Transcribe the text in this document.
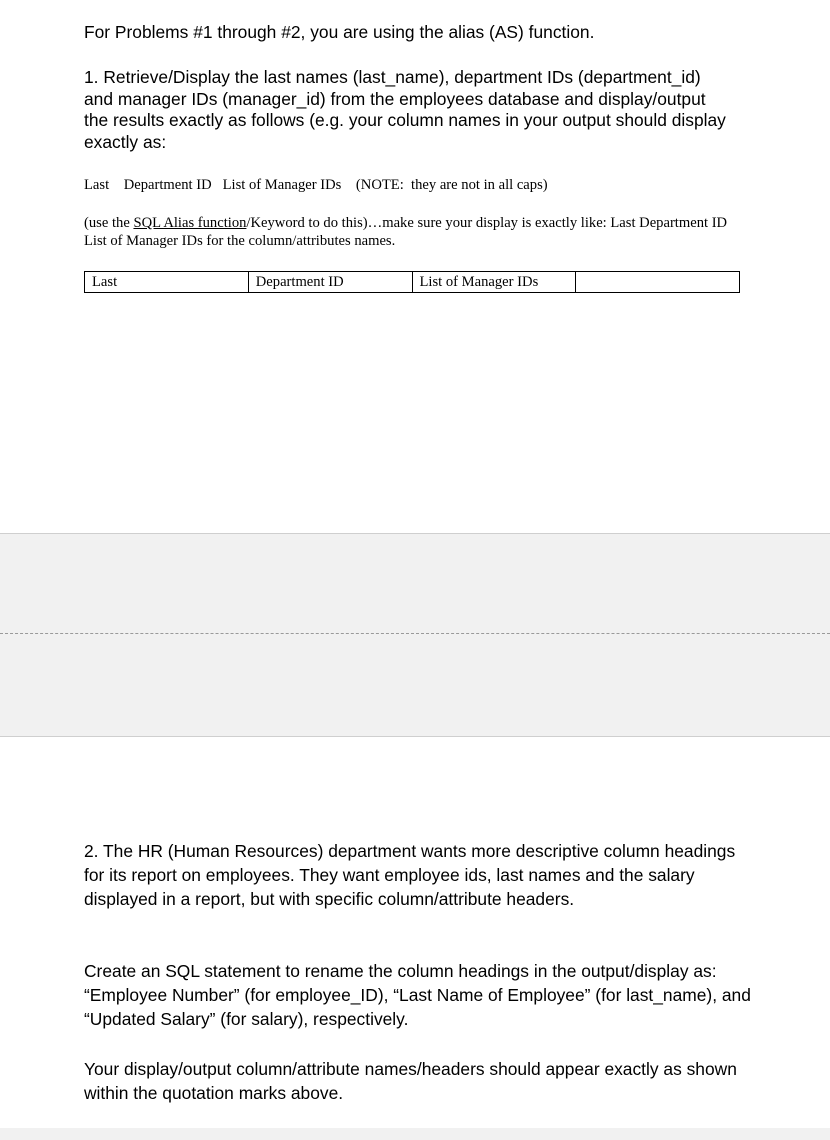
For Problems #1 through #2, you are using the alias (AS) function.

1. Retrieve/Display the last names (last_name), department IDs (department_id) and manager IDs (manager_id) from the employees database and display/output the results exactly as follows (e.g. your column names in your output should display exactly as:

Last    Department ID   List of Manager IDs    (NOTE:  they are not in all caps)

(use the SQL Alias function/Keyword to do this)…make sure your display is exactly like: Last Department ID List of Manager IDs for the column/attributes names.

Last	Department ID	List of Manager IDs	

2. The HR (Human Resources) department wants more descriptive column headings for its report on employees. They want employee ids, last names and the salary displayed in a report, but with specific column/attribute headers.

Create an SQL statement to rename the column headings in the output/display as: “Employee Number” (for employee_ID), “Last Name of Employee” (for last_name), and “Updated Salary” (for salary), respectively.

Your display/output column/attribute names/headers should appear exactly as shown within the quotation marks above.
